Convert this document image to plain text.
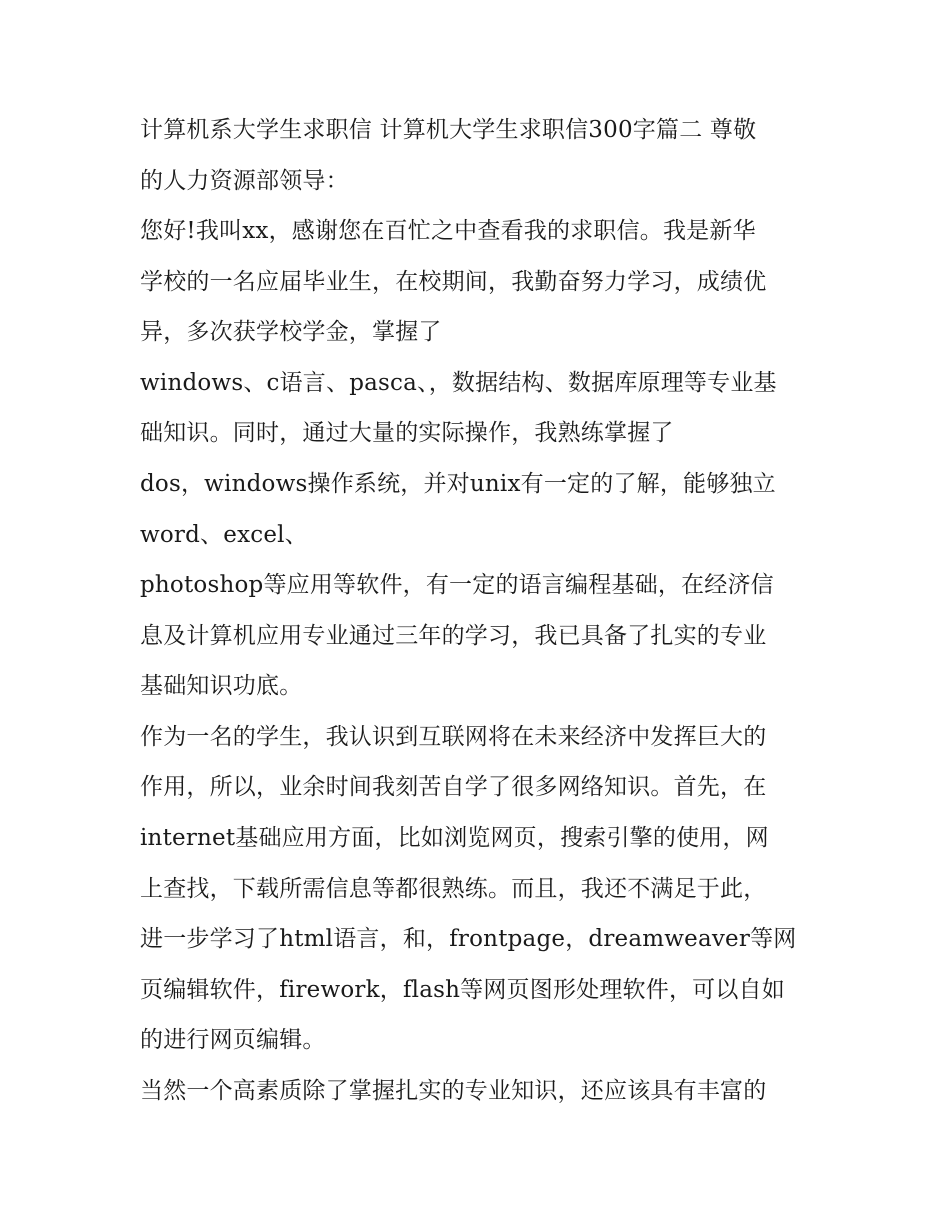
计算机系大学生求职信 计算机大学生求职信300字篇二 尊敬
的人力资源部领导：
您好!我叫xx，感谢您在百忙之中查看我的求职信。我是新华
学校的一名应届毕业生，在校期间，我勤奋努力学习，成绩优
异，多次获学校学金，掌握了
windows、c语言、pasca、，数据结构、数据库原理等专业基
础知识。同时，通过大量的实际操作，我熟练掌握了
dos，windows操作系统，并对unix有一定的了解，能够独立
word、excel、
photoshop等应用等软件，有一定的语言编程基础，在经济信
息及计算机应用专业通过三年的学习，我已具备了扎实的专业
基础知识功底。
作为一名的学生，我认识到互联网将在未来经济中发挥巨大的
作用，所以，业余时间我刻苦自学了很多网络知识。首先，在
internet基础应用方面，比如浏览网页，搜索引擎的使用，网
上查找，下载所需信息等都很熟练。而且，我还不满足于此，
进一步学习了html语言，和，frontpage，dreamweaver等网
页编辑软件，firework，flash等网页图形处理软件，可以自如
的进行网页编辑。
当然一个高素质除了掌握扎实的专业知识，还应该具有丰富的
